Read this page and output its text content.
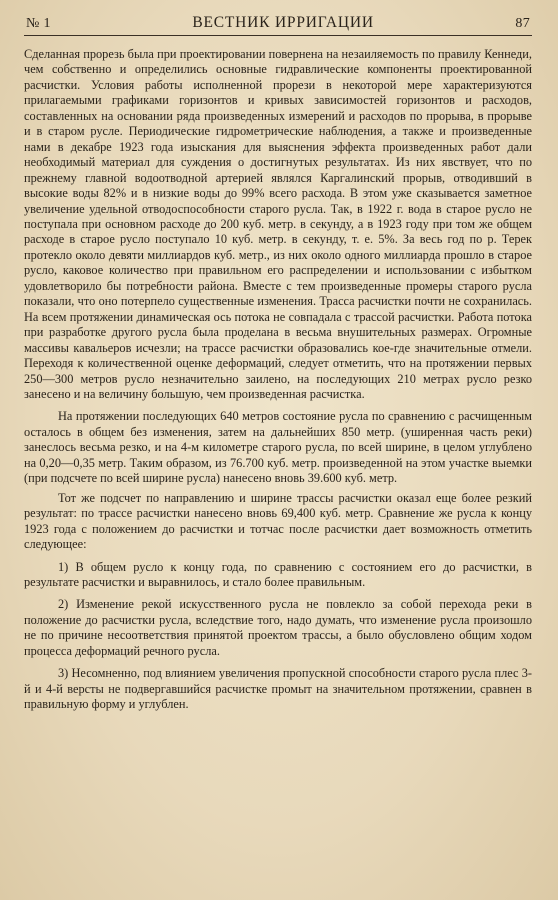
№ 1	ВЕСТНИК ИРРИГАЦИИ	87

Сделанная прорезь была при проектировании повернена на незаиляемость по правилу Кеннеди, чем собственно и определились основные гидравлические компоненты проектированной расчистки. Условия работы исполненной прорези в некоторой мере характеризуются прилагаемыми графиками горизонтов и кривых зависимостей горизонтов и расходов, составленных на основании ряда произведенных измерений и расходов по прорыва, в прорыве и в старом русле. Периодические гидрометрические наблюдения, а также и произведенные нами в декабре 1923 года изыскания для выяснения эффекта произведенных работ дали необходимый материал для суждения о достигнутых результатах. Из них явствует, что по прежнему главной водоотводной артерией являлся Каргалинский прорыв, отводивший в высокие воды 82% и в низкие воды до 99% всего расхода. В этом уже сказывается заметное увеличение удельной отводоспособности старого русла. Так, в 1922 г. вода в старое русло не поступала при основном расходе до 200 куб. метр. в секунду, а в 1923 году при том же общем расходе в старое русло поступало 10 куб. метр. в секунду, т. е. 5%. За весь год по р. Терек протекло около девяти миллиардов куб. метр., из них около одного миллиарда прошло в старое русло, каковое количество при правильном его распределении и использовании с избытком удовлетворило бы потребности района. Вместе с тем произведенные промеры старого русла показали, что оно потерпело существенные изменения. Трасса расчистки почти не сохранилась. На всем протяжении динамическая ось потока не совпадала с трассой расчистки. Работа потока при разработке другого русла была проделана в весьма внушительных размерах. Огромные массивы кавальеров исчезли; на трассе расчистки образовались кое-где значительные отмели. Переходя к количественной оценке деформаций, следует отметить, что на протяжении первых 250—300 метров русло незначительно заилено, на последующих 210 метрах русло резко занесено и на величину большую, чем произведенная расчистка.

На протяжении последующих 640 метров состояние русла по сравнению с расчищенным осталось в общем без изменения, затем на дальнейших 850 метр. (уширенная часть реки) занеслось весьма резко, и на 4-м километре старого русла, по всей ширине, в целом углублено на 0,20—0,35 метр. Таким образом, из 76.700 куб. метр. произведенной на этом участке выемки (при подсчете по всей ширине русла) нанесено вновь 39.600 куб. метр.

Тот же подсчет по направлению и ширине трассы расчистки оказал еще более резкий результат: по трассе расчистки нанесено вновь 69,400 куб. метр. Сравнение же русла к концу 1923 года с положением до расчистки и тотчас после расчистки дает возможность отметить следующее:

1) В общем русло к концу года, по сравнению с состоянием его до расчистки, в результате расчистки и выравнилось, и стало более правильным.

2) Изменение рекой искусственного русла не повлекло за собой перехода реки в положение до расчистки русла, вследствие того, надо думать, что изменение русла произошло не по причине несоответствия принятой проектом трассы, а было обусловлено общим ходом процесса деформаций речного русла.

3) Несомненно, под влиянием увеличения пропускной способности старого русла плес 3-й и 4-й версты не подвергавшийся расчистке промыт на значительном протяжении, сравнен в правильную форму и углублен.
